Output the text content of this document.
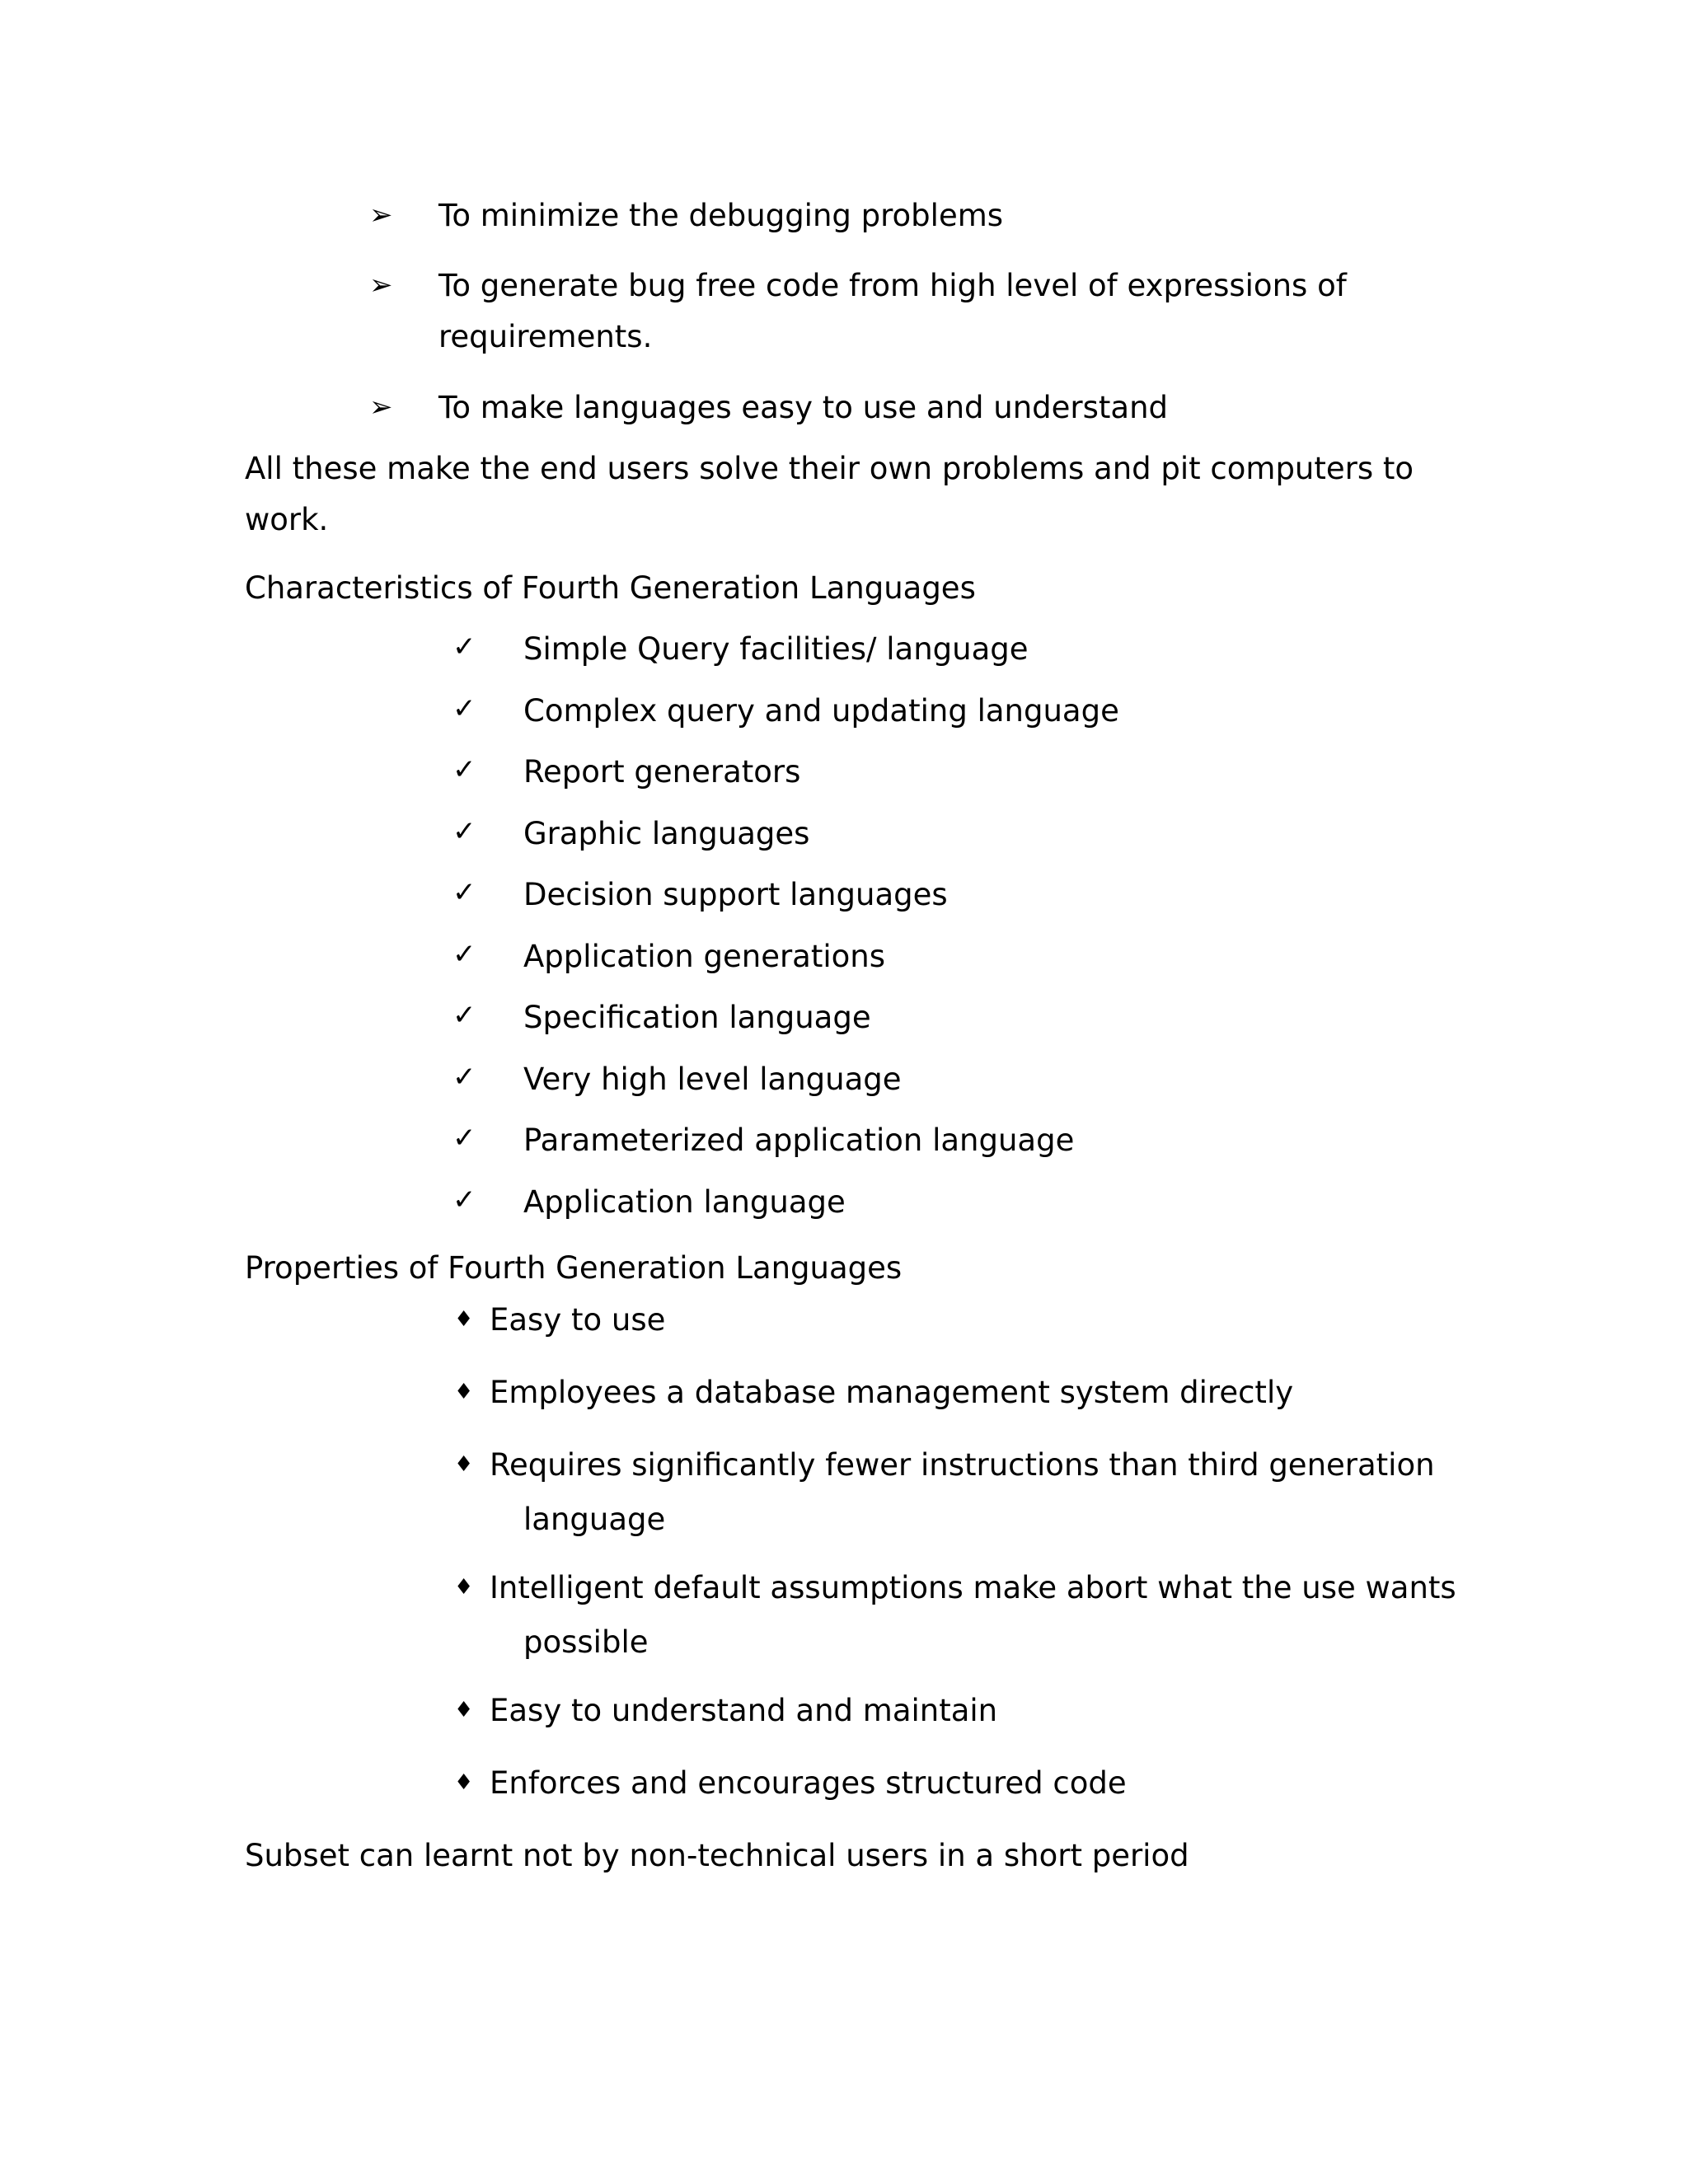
➢ To minimize the debugging problems
➢ To generate bug free code from high level of expressions of
requirements.
➢ To make languages easy to use and understand
All these make the end users solve their own problems and pit computers to
work.
Characteristics of Fourth Generation Languages
✓ Simple Query facilities/ language
✓ Complex query and updating language
✓ Report generators
✓ Graphic languages
✓ Decision support languages
✓ Application generations
✓ Specification language
✓ Very high level language
✓ Parameterized application language
✓ Application language
Properties of Fourth Generation Languages
♦ Easy to use
♦ Employees a database management system directly
♦ Requires significantly fewer instructions than third generation
language
♦ Intelligent default assumptions make abort what the use wants
possible
♦ Easy to understand and maintain
♦ Enforces and encourages structured code
Subset can learnt not by non-technical users in a short period
